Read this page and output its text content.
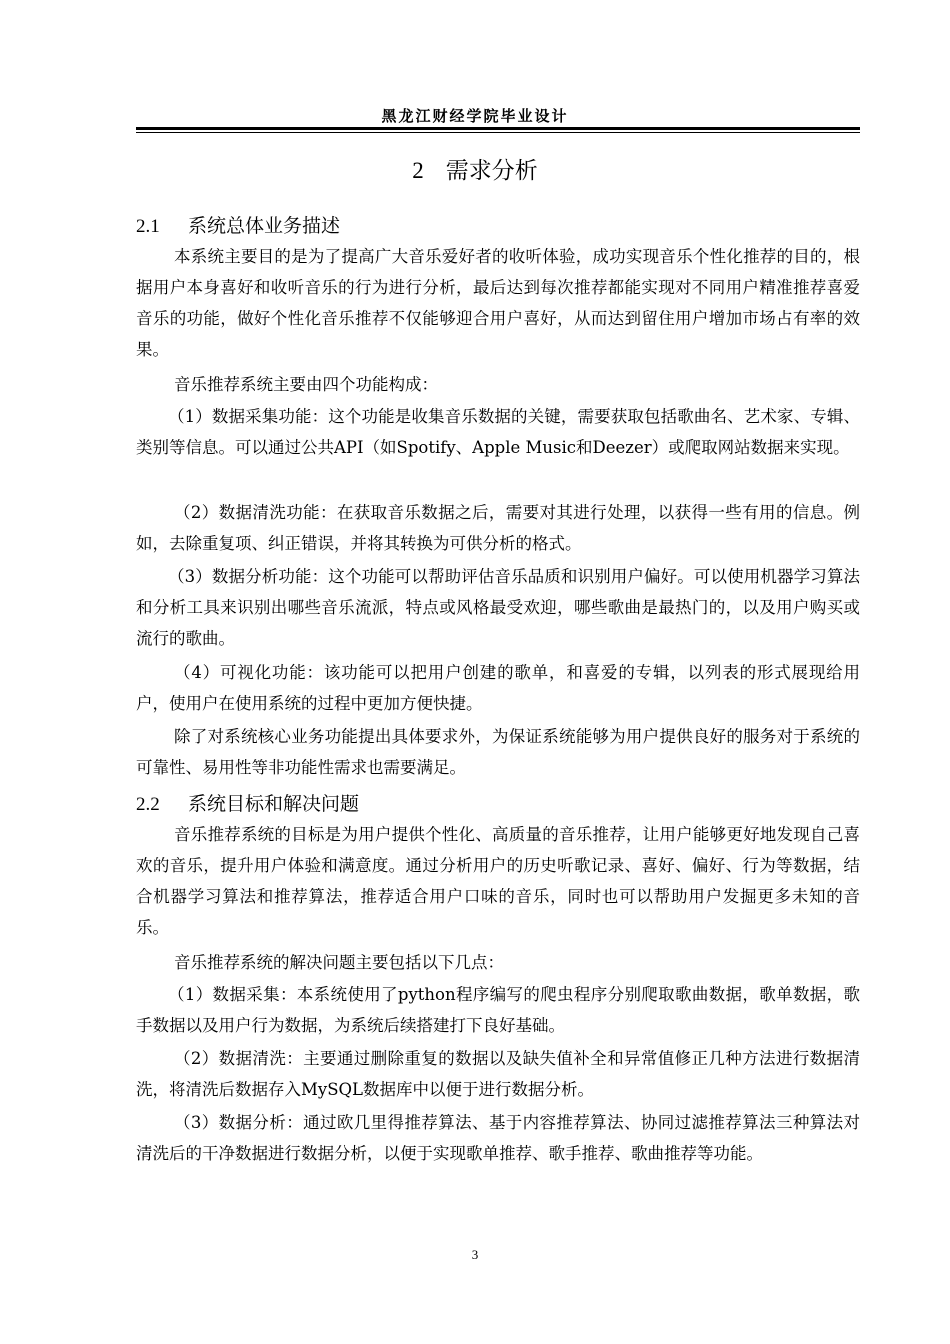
黑龙江财经学院毕业设计
2 需求分析
2.1 系统总体业务描述

本系统主要目的是为了提高广大音乐爱好者的收听体验，成功实现音乐个性化推荐的目的，根据用户本身喜好和收听音乐的行为进行分析，最后达到每次推荐都能实现对不同用户精准推荐喜爱音乐的功能，做好个性化音乐推荐不仅能够迎合用户喜好，从而达到留住用户增加市场占有率的效果。

音乐推荐系统主要由四个功能构成：

（1）数据采集功能：这个功能是收集音乐数据的关键，需要获取包括歌曲名、艺术家、专辑、类别等信息。可以通过公共API（如Spotify、Apple Music和Deezer）或爬取网站数据来实现。

（2）数据清洗功能：在获取音乐数据之后，需要对其进行处理，以获得一些有用的信息。例如，去除重复项、纠正错误，并将其转换为可供分析的格式。

（3）数据分析功能：这个功能可以帮助评估音乐品质和识别用户偏好。可以使用机器学习算法和分析工具来识别出哪些音乐流派，特点或风格最受欢迎，哪些歌曲是最热门的，以及用户购买或流行的歌曲。

（4）可视化功能：该功能可以把用户创建的歌单，和喜爱的专辑，以列表的形式展现给用户，使用户在使用系统的过程中更加方便快捷。

除了对系统核心业务功能提出具体要求外，为保证系统能够为用户提供良好的服务对于系统的可靠性、易用性等非功能性需求也需要满足。

2.2 系统目标和解决问题

音乐推荐系统的目标是为用户提供个性化、高质量的音乐推荐，让用户能够更好地发现自己喜欢的音乐，提升用户体验和满意度。通过分析用户的历史听歌记录、喜好、偏好、行为等数据，结合机器学习算法和推荐算法，推荐适合用户口味的音乐，同时也可以帮助用户发掘更多未知的音乐。

音乐推荐系统的解决问题主要包括以下几点：

（1）数据采集：本系统使用了python程序编写的爬虫程序分别爬取歌曲数据，歌单数据，歌手数据以及用户行为数据，为系统后续搭建打下良好基础。

（2）数据清洗：主要通过删除重复的数据以及缺失值补全和异常值修正几种方法进行数据清洗，将清洗后数据存入MySQL数据库中以便于进行数据分析。

（3）数据分析：通过欧几里得推荐算法、基于内容推荐算法、协同过滤推荐算法三种算法对清洗后的干净数据进行数据分析，以便于实现歌单推荐、歌手推荐、歌曲推荐等功能。

3
